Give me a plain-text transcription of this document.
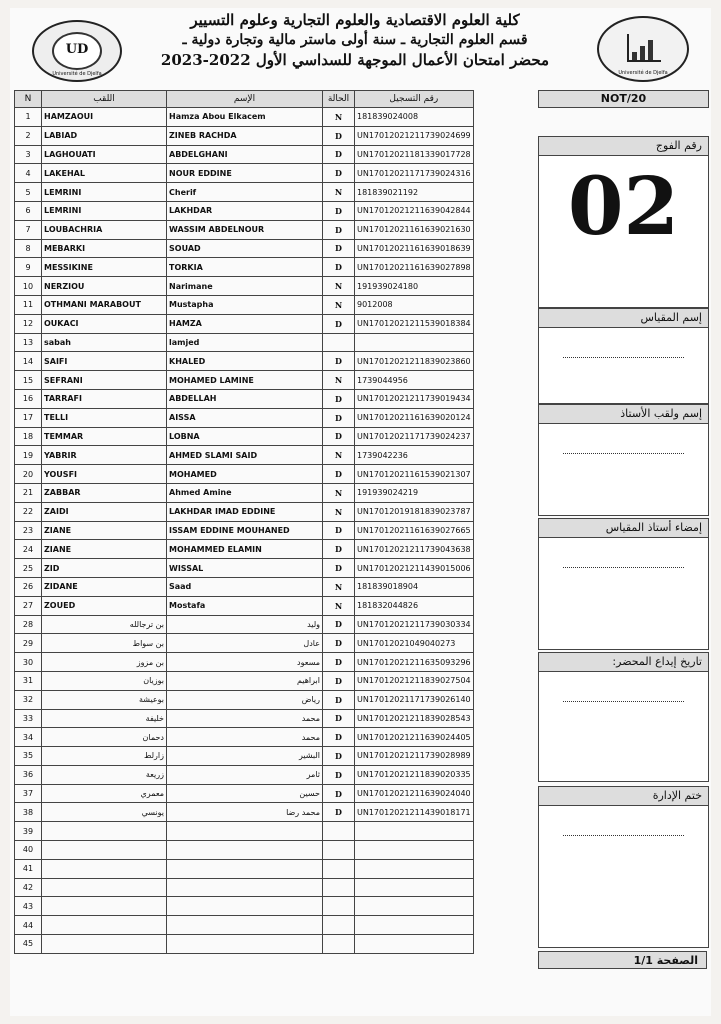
UD
Université de Djelfa
كلية العلوم الاقتصادية والعلوم التجارية وعلوم التسيير
قسم العلوم التجارية ـ سنة أولى ماستر مالية وتجارة دولية ـ
محضر امتحان الأعمال الموجهة للسداسي الأول 2022-2023
Université de Djelfa
N	اللقب	الإسم	الحالة	رقم التسجيل
1	HAMZAOUI	Hamza Abou Elkacem	N	181839024008
2	LABIAD	ZINEB RACHDA	D	UN17012021211739024699
3	LAGHOUATI	ABDELGHANI	D	UN17012021181339017728
4	LAKEHAL	NOUR EDDINE	D	UN17012021171739024316
5	LEMRINI	Cherif	N	181839021192
6	LEMRINI	LAKHDAR	D	UN17012021211639042844
7	LOUBACHRIA	WASSIM ABDELNOUR	D	UN17012021161639021630
8	MEBARKI	SOUAD	D	UN17012021161639018639
9	MESSIKINE	TORKIA	D	UN17012021161639027898
10	NERZIOU	Narimane	N	191939024180
11	OTHMANI MARABOUT	Mustapha	N	9012008
12	OUKACI	HAMZA	D	UN17012021211539018384
13	sabah	lamjed		
14	SAIFI	KHALED	D	UN17012021211839023860
15	SEFRANI	MOHAMED LAMINE	N	1739044956
16	TARRAFI	ABDELLAH	D	UN17012021211739019434
17	TELLI	AISSA	D	UN17012021161639020124
18	TEMMAR	LOBNA	D	UN17012021171739024237
19	YABRIR	AHMED SLAMI SAID	N	1739042236
20	YOUSFI	MOHAMED	D	UN17012021161539021307
21	ZABBAR	Ahmed Amine	N	191939024219
22	ZAIDI	LAKHDAR IMAD EDDINE	N	UN17012019181839023787
23	ZIANE	ISSAM EDDINE MOUHANED	D	UN17012021161639027665
24	ZIANE	MOHAMMED ELAMIN	D	UN17012021211739043638
25	ZID	WISSAL	D	UN17012021211439015006
26	ZIDANE	Saad	N	181839018904
27	ZOUED	Mostafa	N	181832044826
28	بن ترجالله	وليد	D	UN17012021211739030334
29	بن سواط	عادل	D	UN17012021049040273
30	بن مزوز	مسعود	D	UN17012021211635093296
31	بوزيان	ابراهيم	D	UN17012021211839027504
32	بوعيشة	رياض	D	UN17012021171739026140
33	خليفة	محمد	D	UN17012021211839028543
34	دحمان	محمد	D	UN17012021211639024405
35	زارلط	البشير	D	UN17012021211739028989
36	زريعة	ثامر	D	UN17012021211839020335
37	معمري	حسين	D	UN17012021211639024040
38	يونسي	محمد رضا	D	UN17012021211439018171
39				
40				
41				
42				
43				
44				
45				
NOT/20
رقم الفوج
02
إسم المقياس
إسم ولقب الأستاذ
إمضاء أستاذ المقياس
تاريخ إيداع المحضر:
ختم الإدارة
الصفحة 1/1
